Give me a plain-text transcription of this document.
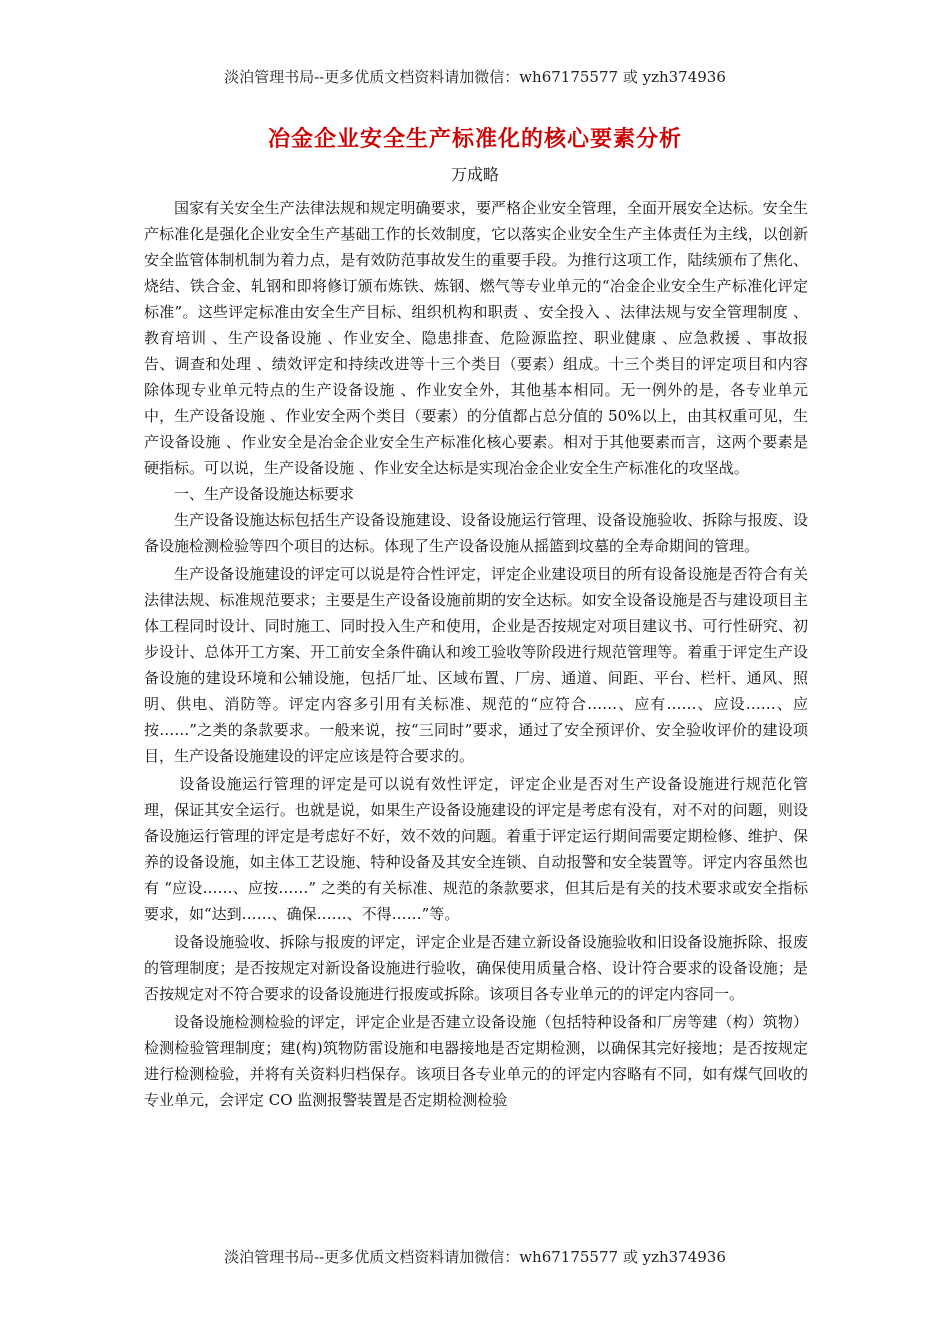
淡泊管理书局--更多优质文档资料请加微信：wh67175577 或 yzh374936
冶金企业安全生产标准化的核心要素分析
万成略

国家有关安全生产法律法规和规定明确要求，要严格企业安全管理，全面开展安全达标。安全生产标准化是强化企业安全生产基础工作的长效制度，它以落实企业安全生产主体责任为主线，以创新安全监管体制机制为着力点，是有效防范事故发生的重要手段。为推行这项工作，陆续颁布了焦化、烧结、铁合金、轧钢和即将修订颁布炼铁、炼钢、燃气等专业单元的“冶金企业安全生产标准化评定标准”。这些评定标准由安全生产目标、组织机构和职责 、安全投入 、法律法规与安全管理制度 、教育培训 、生产设备设施 、作业安全、隐患排查、危险源监控、职业健康 、应急救援 、事故报告、调查和处理 、绩效评定和持续改进等十三个类目（要素）组成。十三个类目的评定项目和内容除体现专业单元特点的生产设备设施 、作业安全外，其他基本相同。无一例外的是，各专业单元中，生产设备设施 、作业安全两个类目（要素）的分值都占总分值的 50%以上，由其权重可见，生产设备设施 、作业安全是冶金企业安全生产标准化核心要素。相对于其他要素而言，这两个要素是硬指标。可以说，生产设备设施 、作业安全达标是实现冶金企业安全生产标准化的攻坚战。

一、生产设备设施达标要求

生产设备设施达标包括生产设备设施建设、设备设施运行管理、设备设施验收、拆除与报废、设备设施检测检验等四个项目的达标。体现了生产设备设施从摇篮到坟墓的全寿命期间的管理。

生产设备设施建设的评定可以说是符合性评定，评定企业建设项目的所有设备设施是否符合有关法律法规、标准规范要求；主要是生产设备设施前期的安全达标。如安全设备设施是否与建设项目主体工程同时设计、同时施工、同时投入生产和使用，企业是否按规定对项目建议书、可行性研究、初步设计、总体开工方案、开工前安全条件确认和竣工验收等阶段进行规范管理等。着重于评定生产设备设施的建设环境和公辅设施，包括厂址、区域布置、厂房、通道、间距、平台、栏杆、通风、照明、供电、消防等。评定内容多引用有关标准、规范的“应符合……、应有……、应设……、应按……”之类的条款要求。一般来说，按“三同时”要求，通过了安全预评价、安全验收评价的建设项目，生产设备设施建设的评定应该是符合要求的。

设备设施运行管理的评定是可以说有效性评定，评定企业是否对生产设备设施进行规范化管理，保证其安全运行。也就是说，如果生产设备设施建设的评定是考虑有没有，对不对的问题，则设备设施运行管理的评定是考虑好不好，效不效的问题。着重于评定运行期间需要定期检修、维护、保养的设备设施，如主体工艺设施、特种设备及其安全连锁、自动报警和安全装置等。评定内容虽然也有 “应设……、应按……” 之类的有关标准、规范的条款要求，但其后是有关的技术要求或安全指标要求，如“达到……、确保……、不得……”等。

设备设施验收、拆除与报废的评定，评定企业是否建立新设备设施验收和旧设备设施拆除、报废的管理制度；是否按规定对新设备设施进行验收，确保使用质量合格、设计符合要求的设备设施；是否按规定对不符合要求的设备设施进行报废或拆除。该项目各专业单元的的评定内容同一。

设备设施检测检验的评定，评定企业是否建立设备设施（包括特种设备和厂房等建（构）筑物）检测检验管理制度；建(构)筑物防雷设施和电器接地是否定期检测，以确保其完好接地；是否按规定进行检测检验，并将有关资料归档保存。该项目各专业单元的的评定内容略有不同，如有煤气回收的专业单元，会评定 CO 监测报警装置是否定期检测检验

淡泊管理书局--更多优质文档资料请加微信：wh67175577 或 yzh374936
